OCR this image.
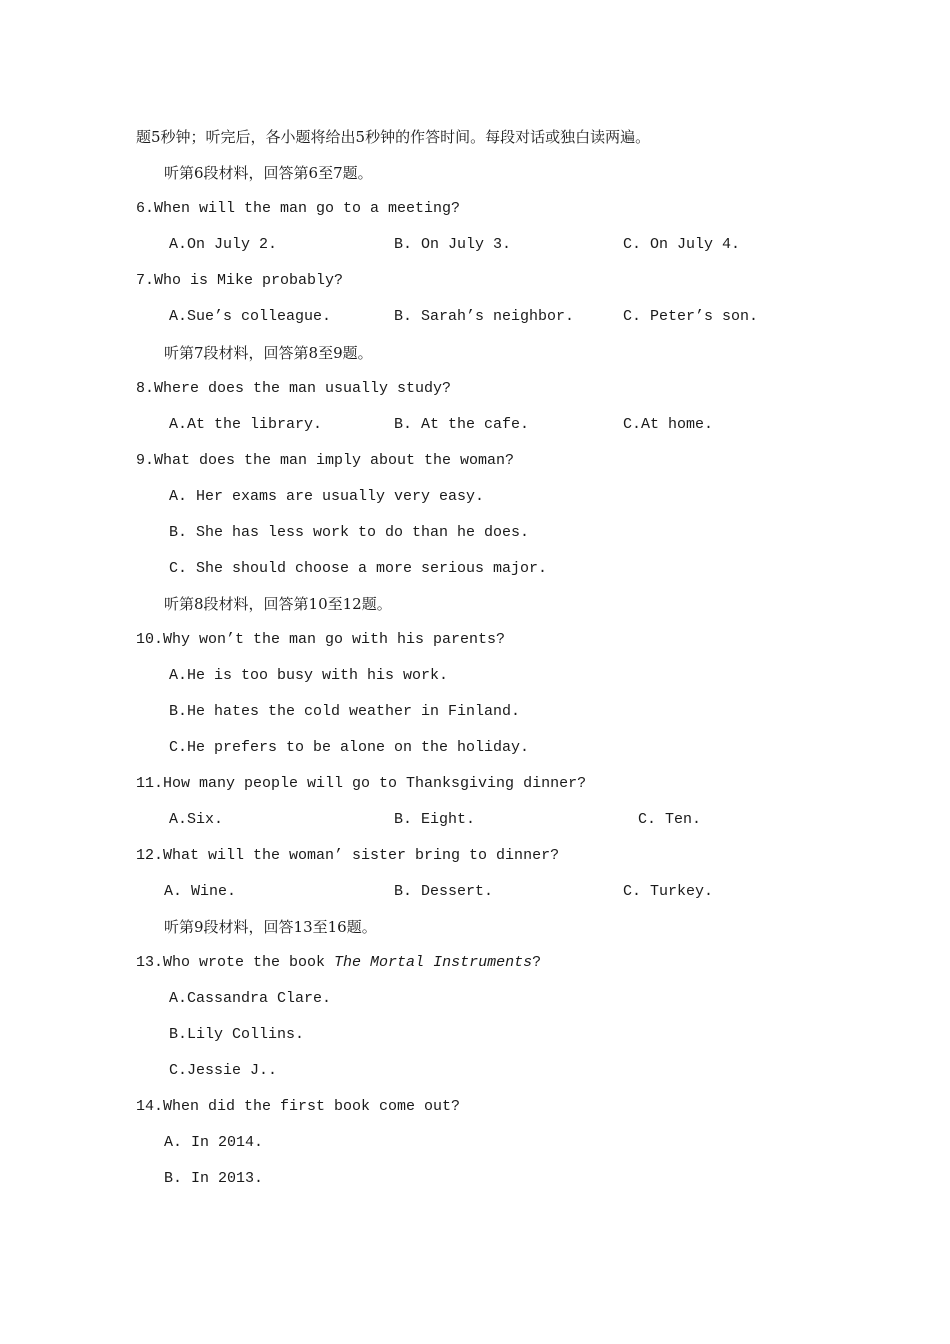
题5秒钟；听完后，各小题将给出5秒钟的作答时间。每段对话或独白读两遍。
听第6段材料，回答第6至7题。
6.When will the man go to a meeting?
A.On July 2.	B. On July 3.	C. On July 4.
7.Who is Mike probably?
A.Sue’s colleague.	B. Sarah’s neighbor.	C. Peter’s son.
听第7段材料，回答第8至9题。
8.Where does the man usually study?
A.At the library.	B. At the cafe.	C.At home.
9.What does the man imply about the woman?
A. Her exams are usually very easy.
B. She has less work to do than he does.
C. She should choose a more serious major.
听第8段材料，回答第10至12题。
10.Why won’t the man go with his parents?
A.He is too busy with his work.
B.He hates the cold weather in Finland.
C.He prefers to be alone on the holiday.
11.How many people will go to Thanksgiving dinner?
A.Six.	B. Eight.	C. Ten.
12.What will the woman’ sister bring to dinner?
A. Wine.	B. Dessert.	C. Turkey.
听第9段材料，回答13至16题。
13.Who wrote the book The Mortal Instruments?
A.Cassandra Clare.
B.Lily Collins.
C.Jessie J..
14.When did the first book come out?
A. In 2014.
B. In 2013.
